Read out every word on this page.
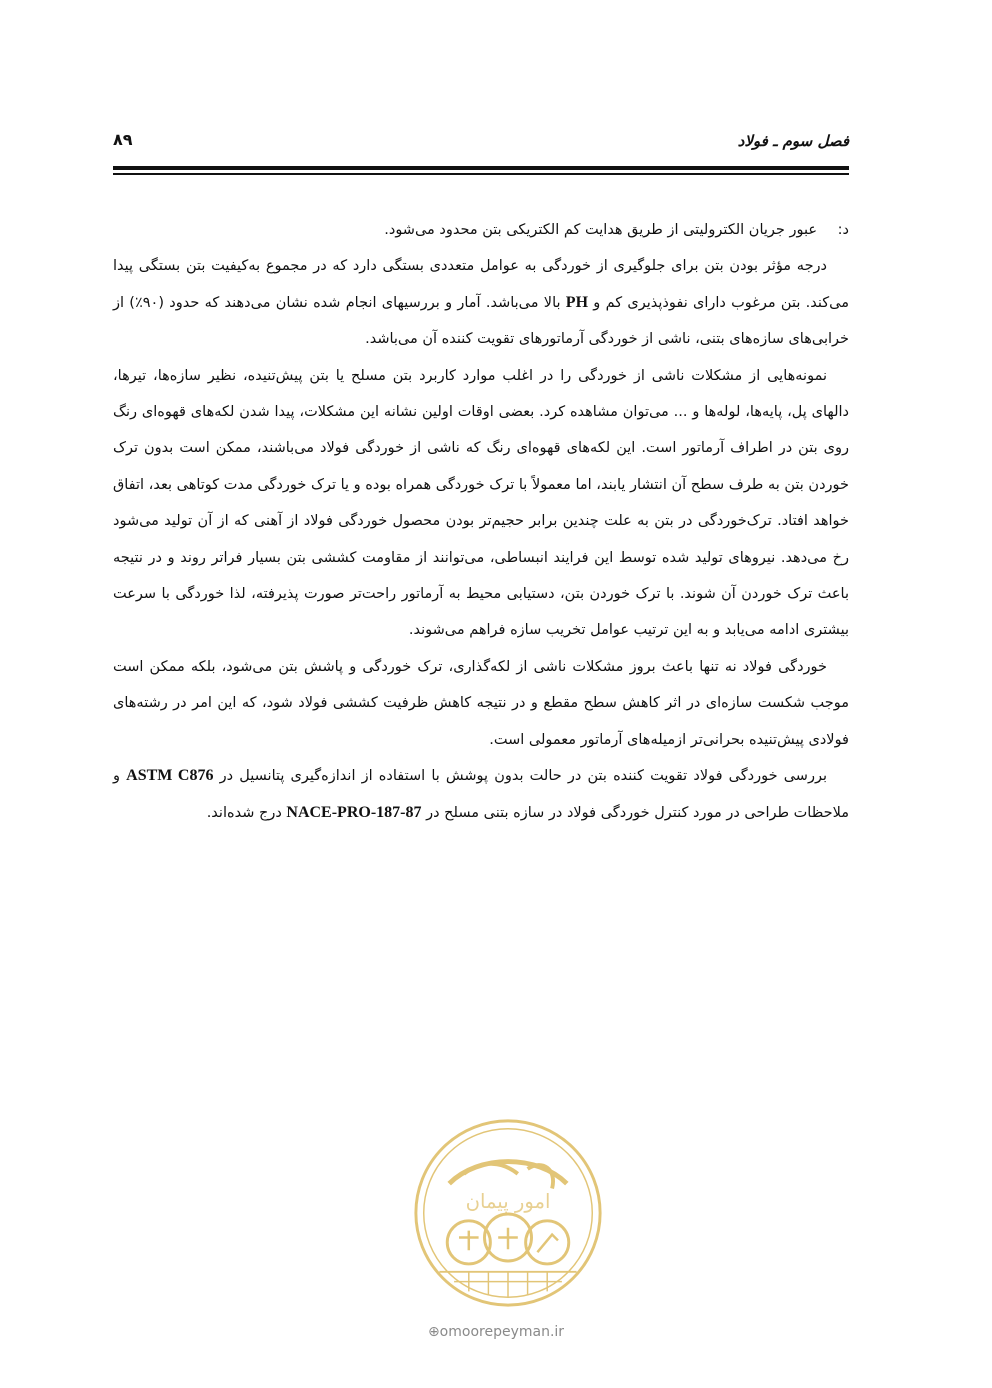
فصل سوم ـ فولاد
۸۹

د:عبور جریان الکترولیتی از طریق هدایت کم الکتریکی بتن محدود می‌شود.

درجه مؤثر بودن بتن برای جلوگیری از خوردگی به عوامل متعددی بستگی دارد که در مجموع به‌کیفیت بتن بستگی پیدا می‌کند. بتن مرغوب دارای نفوذپذیری کم و PH بالا می‌باشد. آمار و بررسیهای انجام شده نشان می‌دهند که حدود (۹۰٪) از خرابی‌های سازه‌های بتنی، ناشی از خوردگی آرماتورهای تقویت کننده آن می‌باشد.

نمونه‌هایی از مشکلات ناشی از خوردگی را در اغلب موارد کاربرد بتن مسلح یا بتن پیش‌تنیده، نظیر سازه‌ها، تیرها، دالهای پل، پایه‌ها، لوله‌ها و ... می‌توان مشاهده کرد. بعضی اوقات اولین نشانه این مشکلات، پیدا شدن لکه‌های قهوه‌ای رنگ روی بتن در اطراف آرماتور است. این لکه‌های قهوه‌ای رنگ که ناشی از خوردگی فولاد می‌باشند، ممکن است بدون ترک خوردن بتن به طرف سطح آن انتشار یابند، اما معمولاً با ترک خوردگی همراه بوده و یا ترک خوردگی مدت کوتاهی بعد، اتفاق خواهد افتاد. ترک‌خوردگی در بتن به علت چندین برابر حجیم‌تر بودن محصول خوردگی فولاد از آهنی که از آن تولید می‌شود رخ می‌دهد. نیروهای تولید شده توسط این فرایند انبساطی، می‌توانند از مقاومت کششی بتن بسیار فراتر روند و در نتیجه باعث ترک خوردن آن شوند. با ترک خوردن بتن، دستیابی محیط به آرماتور راحت‌تر صورت پذیرفته، لذا خوردگی با سرعت بیشتری ادامه می‌یابد و به این ترتیب عوامل تخریب سازه فراهم می‌شوند.

خوردگی فولاد نه تنها باعث بروز مشکلات ناشی از لکه‌گذاری، ترک خوردگی و پاشش بتن می‌شود، بلکه ممکن است موجب شکست سازه‌ای در اثر کاهش سطح مقطع و در نتیجه کاهش ظرفیت کششی فولاد شود، که این امر در رشته‌های فولادی پیش‌تنیده بحرانی‌تر ازمیله‌های آرماتور معمولی است.

بررسی خوردگی فولاد تقویت کننده بتن در حالت بدون پوشش با استفاده از اندازه‌گیری پتانسیل در ASTM C876 و ملاحظات طراحی در مورد کنترل خوردگی فولاد در سازه بتنی مسلح در NACE-PRO-187-87 درج شده‌اند.

امور پیمان
⊕omoorepeyman.ir
